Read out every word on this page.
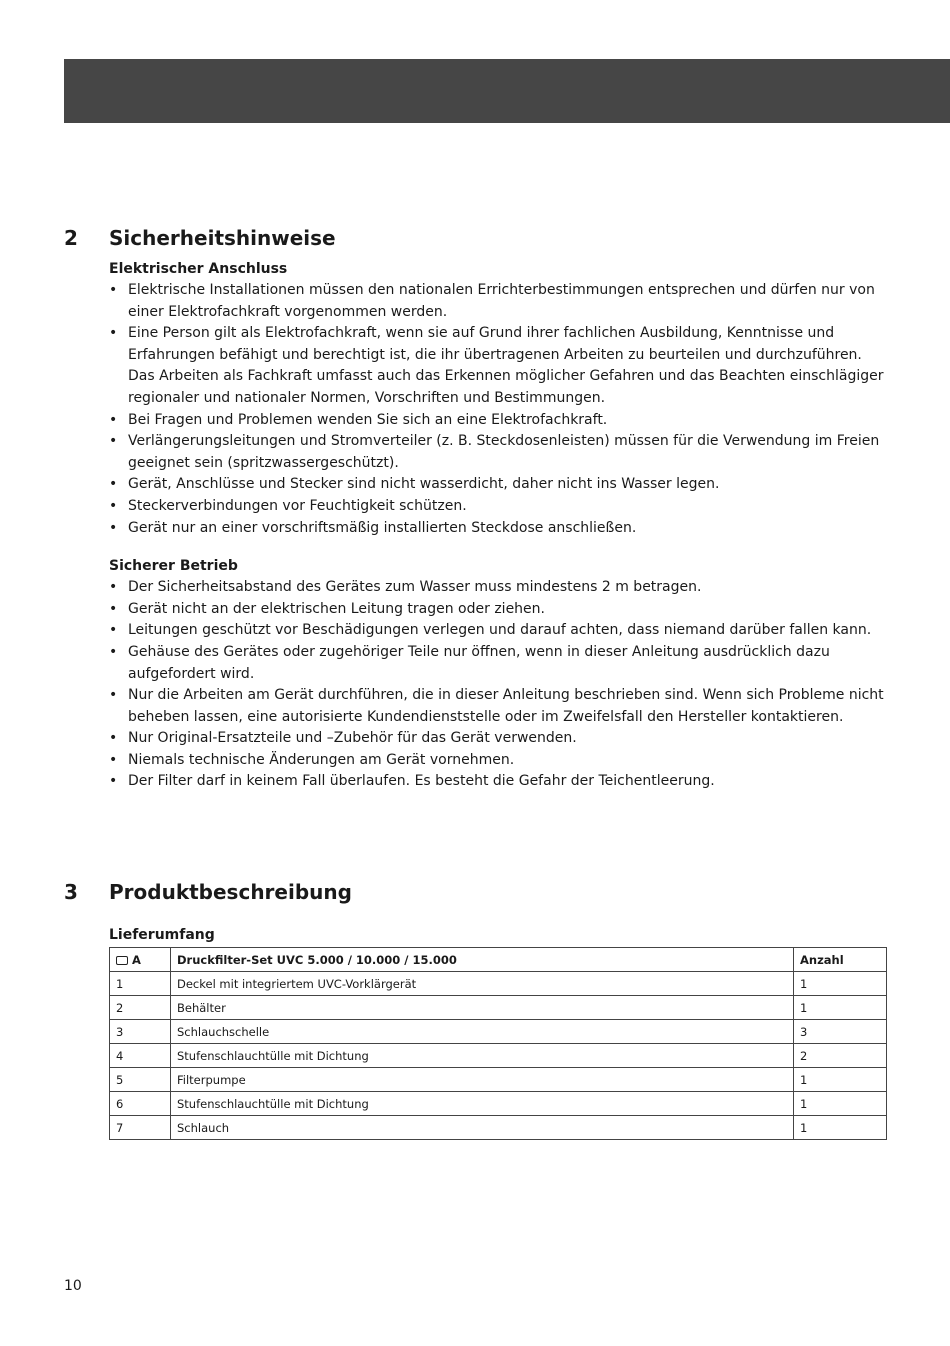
2	Sicherheitshinweise
Elektrischer Anschluss
• Elektrische Installationen müssen den nationalen Errichterbestimmungen entsprechen und dürfen nur von einer Elektrofachkraft vorgenommen werden.
• Eine Person gilt als Elektrofachkraft, wenn sie auf Grund ihrer fachlichen Ausbildung, Kenntnisse und Erfahrungen befähigt und berechtigt ist, die ihr übertragenen Arbeiten zu beurteilen und durchzuführen. Das Arbeiten als Fachkraft umfasst auch das Erkennen möglicher Gefahren und das Beachten einschlägiger regionaler und nationaler Normen, Vorschriften und Bestimmungen.
• Bei Fragen und Problemen wenden Sie sich an eine Elektrofachkraft.
• Verlängerungsleitungen und Stromverteiler (z. B. Steckdosenleisten) müssen für die Verwendung im Freien geeignet sein (spritzwassergeschützt).
• Gerät, Anschlüsse und Stecker sind nicht wasserdicht, daher nicht ins Wasser legen.
• Steckerverbindungen vor Feuchtigkeit schützen.
• Gerät nur an einer vorschriftsmäßig installierten Steckdose anschließen.
Sicherer Betrieb
• Der Sicherheitsabstand des Gerätes zum Wasser muss mindestens 2 m betragen.
• Gerät nicht an der elektrischen Leitung tragen oder ziehen.
• Leitungen geschützt vor Beschädigungen verlegen und darauf achten, dass niemand darüber fallen kann.
• Gehäuse des Gerätes oder zugehöriger Teile nur öffnen, wenn in dieser Anleitung ausdrücklich dazu aufgefordert wird.
• Nur die Arbeiten am Gerät durchführen, die in dieser Anleitung beschrieben sind. Wenn sich Probleme nicht beheben lassen, eine autorisierte Kundendienststelle oder im Zweifelsfall den Hersteller kontaktieren.
• Nur Original-Ersatzteile und –Zubehör für das Gerät verwenden.
• Niemals technische Änderungen am Gerät vornehmen.
• Der Filter darf in keinem Fall überlaufen. Es besteht die Gefahr der Teichentleerung.
3	Produktbeschreibung
Lieferumfang
A	Druckfilter-Set UVC 5.000 / 10.000 / 15.000	Anzahl
1	Deckel mit integriertem UVC-Vorklärgerät	1
2	Behälter	1
3	Schlauchschelle	3
4	Stufenschlauchtülle mit Dichtung	2
5	Filterpumpe	1
6	Stufenschlauchtülle mit Dichtung	1
7	Schlauch	1
10
